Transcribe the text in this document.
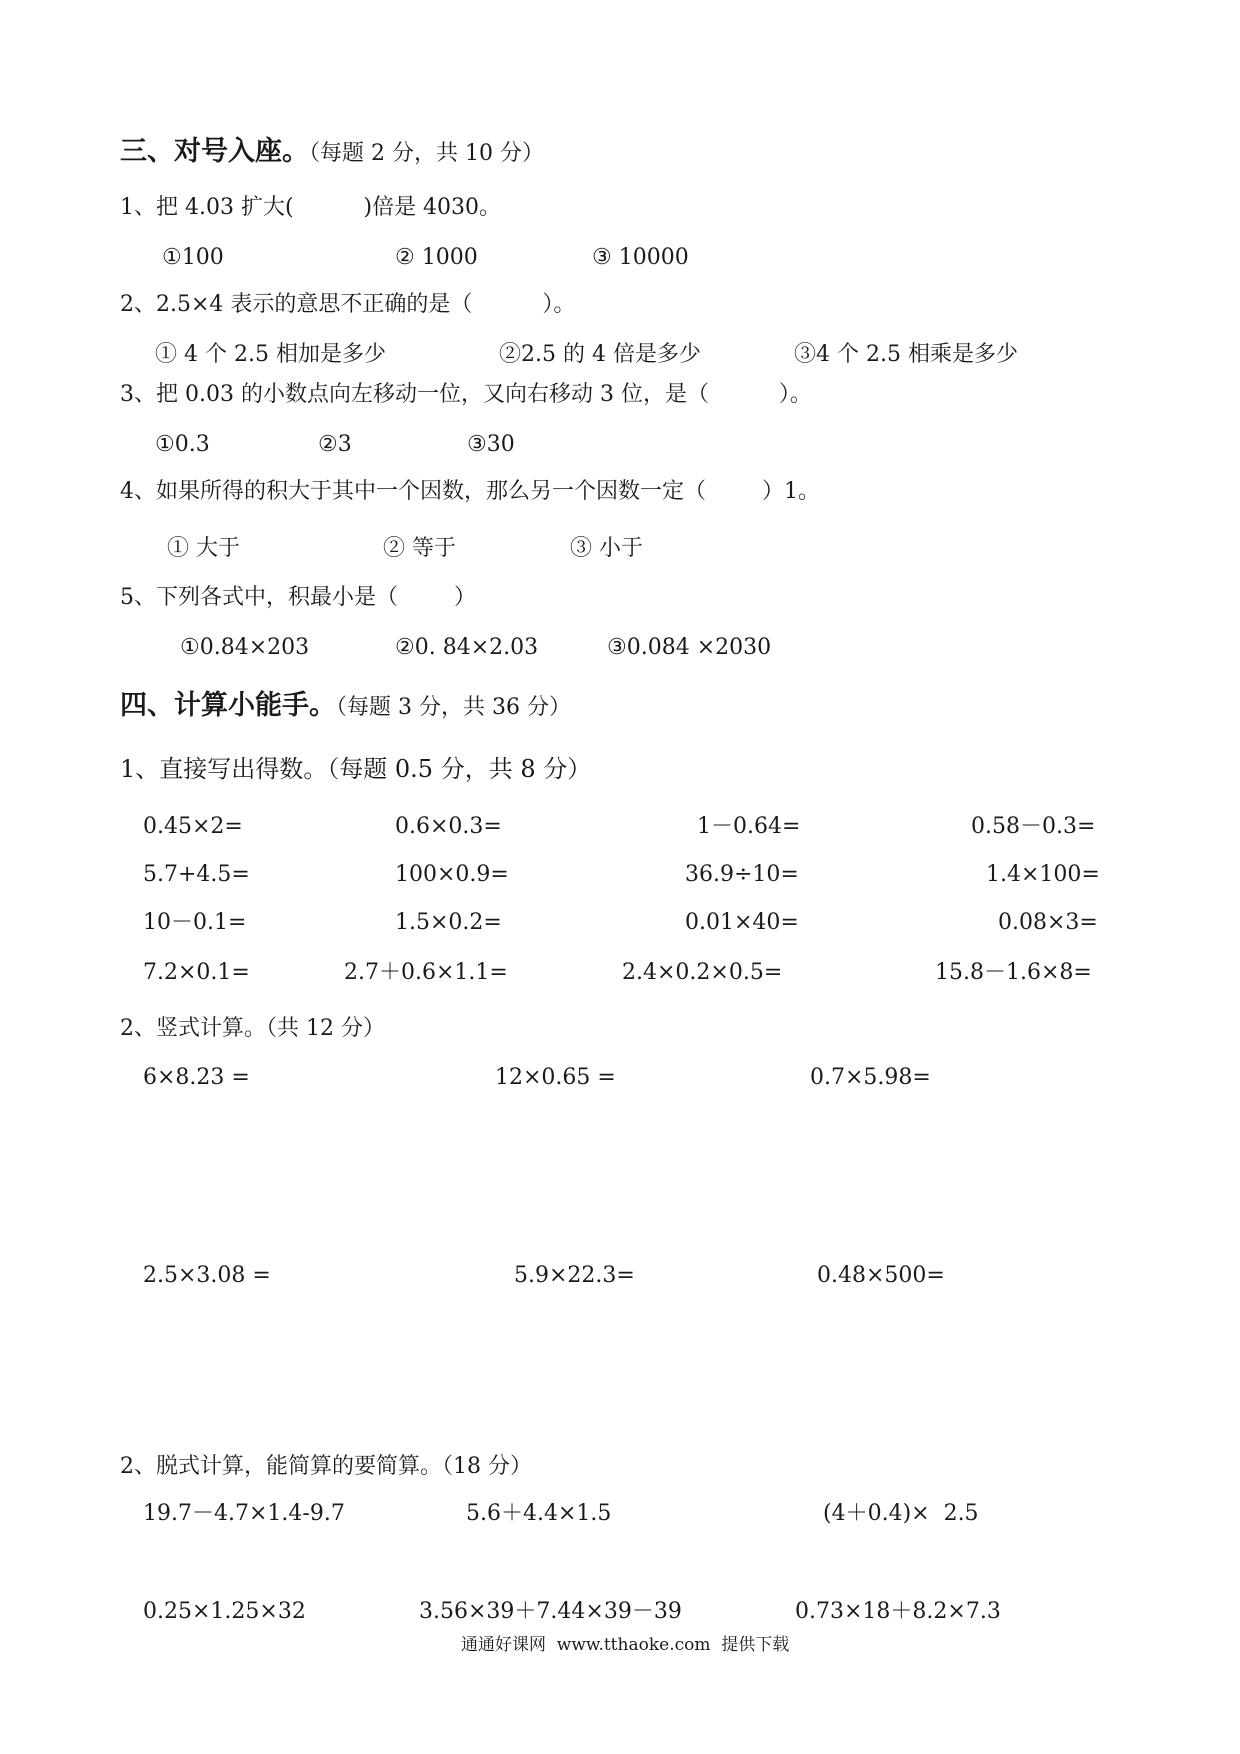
三、对号入座。（每题 2 分，共 10 分）
1、把 4.03 扩大(          )倍是 4030。
①100	② 1000	③ 10000
2、2.5×4 表示的意思不正确的是（          ）。
① 4 个 2.5 相加是多少	②2.5 的 4 倍是多少	③4 个 2.5 相乘是多少
3、把 0.03 的小数点向左移动一位，又向右移动 3 位，是（          ）。
①0.3	②3	③30
4、如果所得的积大于其中一个因数，那么另一个因数一定（        ）1。
① 大于	② 等于	③ 小于
5、下列各式中，积最小是（        ）
①0.84×203	②0. 84×2.03	③0.084 ×2030
四、计算小能手。（每题 3 分，共 36 分）
1、直接写出得数。（每题 0.5 分，共 8 分）
0.45×2=	0.6×0.3=	1－0.64=	0.58－0.3=
5.7+4.5=	100×0.9=	36.9÷10=	1.4×100=
10－0.1=	1.5×0.2=	0.01×40=	0.08×3=
7.2×0.1=	2.7＋0.6×1.1=	2.4×0.2×0.5=	15.8－1.6×8=
2、竖式计算。（共 12 分）
6×8.23 =	12×0.65 =	0.7×5.98=
2.5×3.08 =	5.9×22.3=	0.48×500=
2、脱式计算，能简算的要简算。（18 分）
19.7－4.7×1.4-9.7	5.6＋4.4×1.5	(4＋0.4)×  2.5
0.25×1.25×32	3.56×39＋7.44×39－39	0.73×18＋8.2×7.3
通通好课网  www.tthaoke.com  提供下载
